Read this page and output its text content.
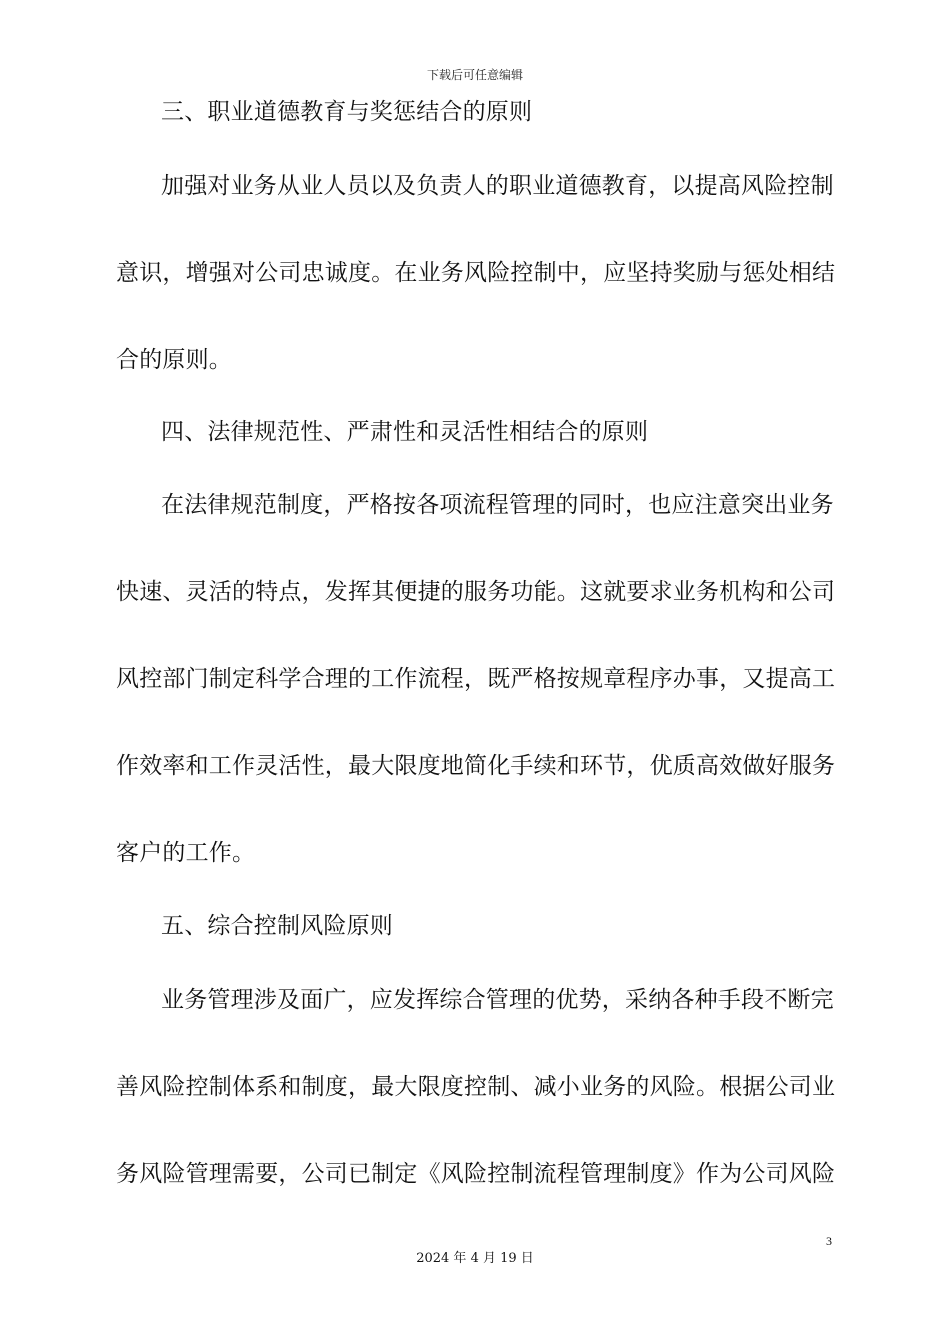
下载后可任意编辑
三、职业道德教育与奖惩结合的原则
加强对业务从业人员以及负责人的职业道德教育，以提高风险控制
意识，增强对公司忠诚度。在业务风险控制中，应坚持奖励与惩处相结
合的原则。
四、法律规范性、严肃性和灵活性相结合的原则
在法律规范制度，严格按各项流程管理的同时，也应注意突出业务
快速、灵活的特点，发挥其便捷的服务功能。这就要求业务机构和公司
风控部门制定科学合理的工作流程，既严格按规章程序办事，又提高工
作效率和工作灵活性，最大限度地简化手续和环节，优质高效做好服务
客户的工作。
五、综合控制风险原则
业务管理涉及面广，应发挥综合管理的优势，采纳各种手段不断完
善风险控制体系和制度，最大限度控制、减小业务的风险。根据公司业
务风险管理需要，公司已制定《风险控制流程管理制度》作为公司风险
3
2024 年 4 月 19 日
